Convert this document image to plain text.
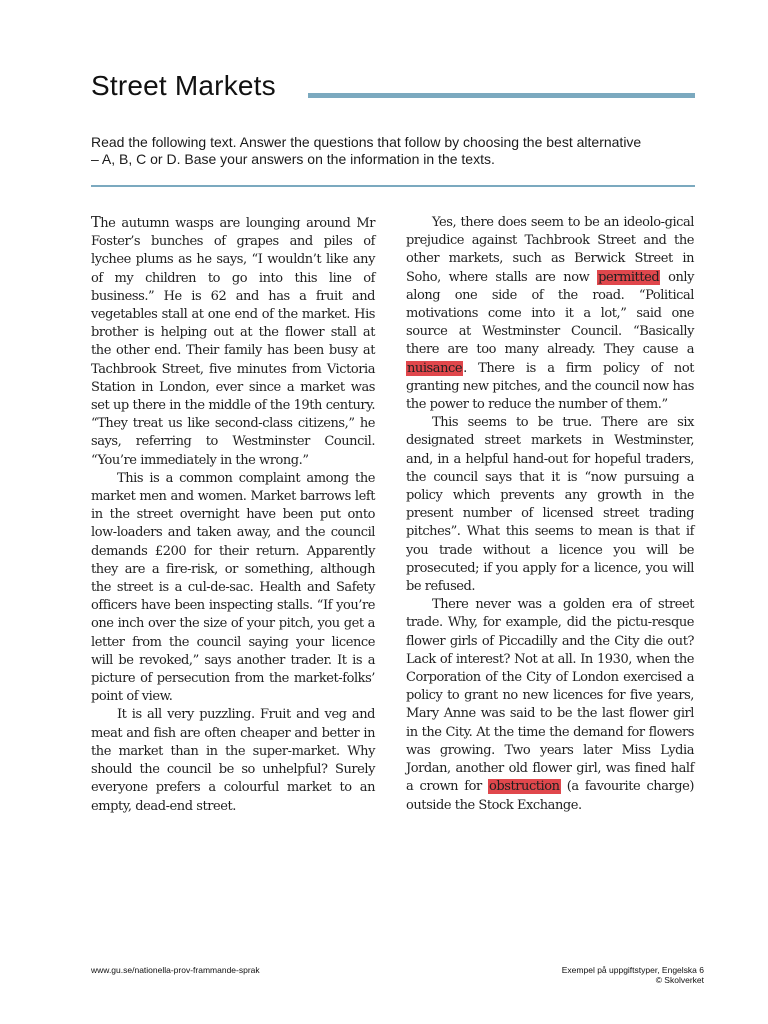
Street Markets

Read the following text. Answer the questions that follow by choosing the best alternative – A, B, C or D. Base your answers on the information in the texts.

The autumn wasps are lounging around Mr Foster’s bunches of grapes and piles of lychee plums as he says, “I wouldn’t like any of my children to go into this line of business.” He is 62 and has a fruit and vegetables stall at one end of the market. His brother is helping out at the flower stall at the other end. Their family has been busy at Tachbrook Street, five minutes from Victoria Station in London, ever since a market was set up there in the middle of the 19th century. “They treat us like second-class citizens,” he says, referring to Westminster Council. “You’re immediately in the wrong.”

This is a common complaint among the market men and women. Market barrows left in the street overnight have been put onto low-loaders and taken away, and the council demands £200 for their return. Apparently they are a fire-risk, or something, although the street is a cul-de-sac. Health and Safety officers have been inspecting stalls. “If you’re one inch over the size of your pitch, you get a letter from the council saying your licence will be revoked,” says another trader. It is a picture of persecution from the market-folks’ point of view.

It is all very puzzling. Fruit and veg and meat and fish are often cheaper and better in the market than in the super-market. Why should the council be so unhelpful? Surely everyone prefers a colourful market to an empty, dead-end street.

Yes, there does seem to be an ideolo-gical prejudice against Tachbrook Street and the other markets, such as Berwick Street in Soho, where stalls are now permitted only along one side of the road. “Political motivations come into it a lot,” said one source at Westminster Council. “Basically there are too many already. They cause a nuisance. There is a firm policy of not granting new pitches, and the council now has the power to reduce the number of them.”

This seems to be true. There are six designated street markets in Westminster, and, in a helpful hand-out for hopeful traders, the council says that it is “now pursuing a policy which prevents any growth in the present number of licensed street trading pitches”. What this seems to mean is that if you trade without a licence you will be prosecuted; if you apply for a licence, you will be refused.

There never was a golden era of street trade. Why, for example, did the pictu-resque flower girls of Piccadilly and the City die out? Lack of interest? Not at all. In 1930, when the Corporation of the City of London exercised a policy to grant no new licences for five years, Mary Anne was said to be the last flower girl in the City. At the time the demand for flowers was growing. Two years later Miss Lydia Jordan, another old flower girl, was fined half a crown for obstruction (a favourite charge) outside the Stock Exchange.

www.gu.se/nationella-prov-frammande-sprak	Exempel på uppgiftstyper, Engelska 6
© Skolverket
